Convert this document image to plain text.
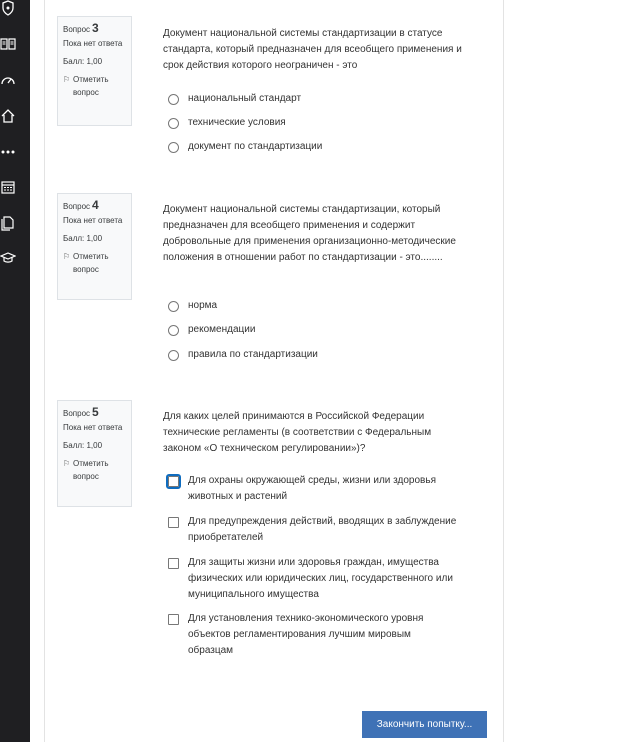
Вопрос 3
Пока нет ответа
Балл: 1,00
⚐ Отметить вопрос
Документ национальной системы стандартизации в статусе стандарта, который предназначен для всеобщего применения и срок действия которого неограничен - это
национальный стандарт
технические условия
документ по стандартизации
Вопрос 4
Пока нет ответа
Балл: 1,00
⚐ Отметить вопрос
Документ национальной системы стандартизации, который предназначен для всеобщего применения и содержит добровольные для применения организационно-методические положения в отношении работ по стандартизации - это........
норма
рекомендации
правила по стандартизации
Вопрос 5
Пока нет ответа
Балл: 1,00
⚐ Отметить вопрос
Для каких целей принимаются в Российской Федерации технические регламенты (в соответствии с Федеральным законом «О техническом регулировании»)?
Для охраны окружающей среды, жизни или здоровья животных и растений
Для предупреждения действий, вводящих в заблуждение приобретателей
Для защиты жизни или здоровья граждан, имущества физических или юридических лиц, государственного или муниципального имущества
Для установления технико-экономического уровня объектов регламентирования лучшим мировым образцам
Закончить попытку...
